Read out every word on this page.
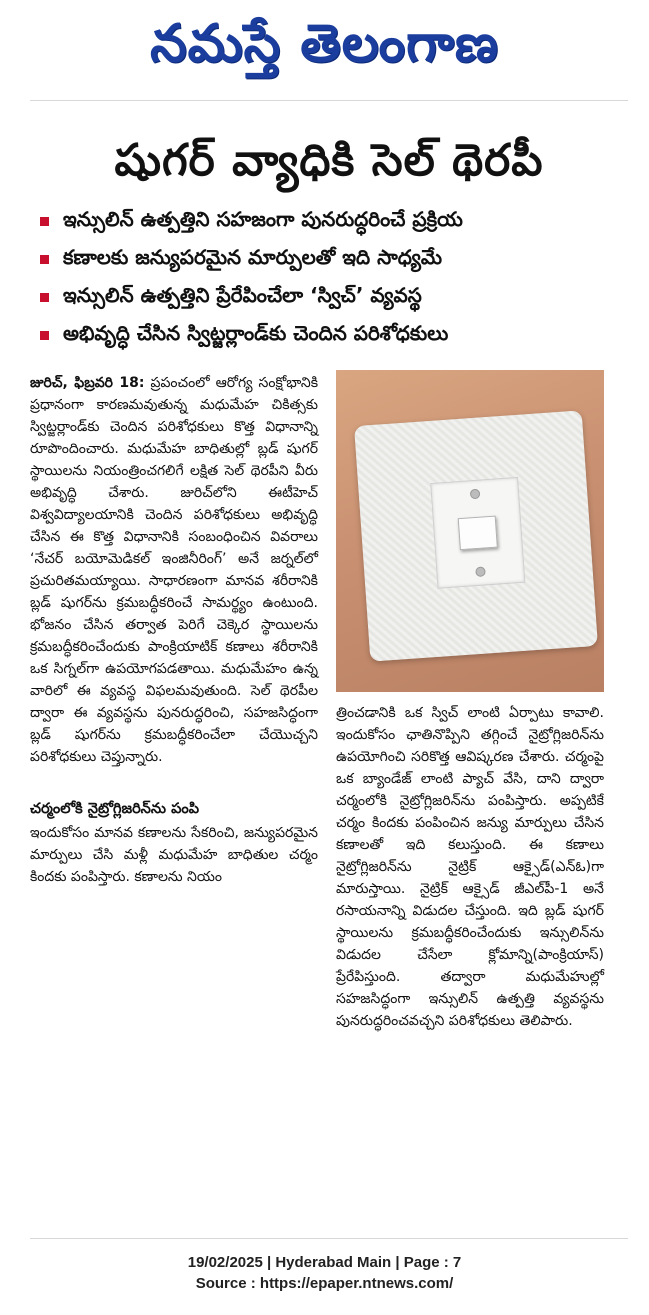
నమస్తే తెలంగాణ
షుగర్ వ్యాధికి సెల్ థెరపీ
ఇన్సులిన్ ఉత్పత్తిని సహజంగా పునరుద్ధరించే ప్రక్రియ
కణాలకు జన్యుపరమైన మార్పులతో ఇది సాధ్యమే
ఇన్సులిన్ ఉత్పత్తిని ప్రేరేపించేలా ‘స్విచ్’ వ్యవస్థ
అభివృద్ధి చేసిన స్విట్జర్లాండ్‌కు చెందిన పరిశోధకులు

జురిచ్, ఫిబ్రవరి 18: ప్రపంచంలో ఆరోగ్య సంక్షోభానికి ప్రధానంగా కారణమవుతున్న మధుమేహ చికిత్సకు స్విట్జర్లాండ్‌కు చెందిన పరిశోధకులు కొత్త విధానాన్ని రూపొందించారు. మధుమేహ బాధితుల్లో బ్లడ్ షుగర్ స్థాయిలను నియంత్రించగలిగే లక్షిత సెల్ థెరపీని వీరు అభివృద్ధి చేశారు. జురిచ్‌లోని ఈటీహెచ్ విశ్వవిద్యాలయానికి చెందిన పరిశోధకులు అభివృద్ధి చేసిన ఈ కొత్త విధానానికి సంబంధించిన వివరాలు ‘నేచర్ బయోమెడికల్ ఇంజినీరింగ్’ అనే జర్నల్‌లో ప్రచురితమయ్యాయి. సాధారణంగా మానవ శరీరానికి బ్లడ్ షుగర్‌ను క్రమబద్ధీకరించే సామర్థ్యం ఉంటుంది. భోజనం చేసిన తర్వాత పెరిగే చెక్కెర స్థాయిలను క్రమబద్ధీకరించేందుకు పాంక్రియాటిక్ కణాలు శరీరానికి ఒక సిగ్నల్‌గా ఉపయోగపడతాయి. మధుమేహం ఉన్న వారిలో ఈ వ్యవస్థ విఫలమవుతుంది. సెల్ థెరపీల ద్వారా ఈ వ్యవస్థను పునరుద్ధరించి, సహజసిద్ధంగా బ్లడ్ షుగర్‌ను క్రమబద్ధీకరించేలా చేయొచ్చని పరిశోధకులు చెప్తున్నారు.

చర్మంలోకి నైట్రోగ్లిజరిన్‌ను పంపి

ఇందుకోసం మానవ కణాలను సేకరించి, జన్యుపరమైన మార్పులు చేసి మళ్లీ మధుమేహ బాధితుల చర్మం కిందకు పంపిస్తారు. కణాలను నియం

త్రించడానికి ఒక స్విచ్ లాంటి ఏర్పాటు కావాలి. ఇందుకోసం ఛాతినొప్పిని తగ్గించే నైట్రోగ్లిజరిన్‌ను ఉపయోగించి సరికొత్త ఆవిష్కరణ చేశారు. చర్మంపై ఒక బ్యాండేజ్ లాంటి ప్యాచ్ వేసి, దాని ద్వారా చర్మంలోకి నైట్రోగ్లిజరిన్‌ను పంపిస్తారు. అప్పటికే చర్మం కిందకు పంపించిన జన్యు మార్పులు చేసిన కణాలతో ఇది కలుస్తుంది. ఈ కణాలు నైట్రోగ్లిజరిన్‌ను నైట్రిక్ ఆక్సైడ్(ఎన్ఓ)గా మారుస్తాయి. నైట్రిక్ ఆక్సైడ్ జీఎల్‌పీ-1 అనే రసాయనాన్ని విడుదల చేస్తుంది. ఇది బ్లడ్ షుగర్ స్థాయిలను క్రమబద్ధీకరించేందుకు ఇన్సులిన్‌ను విడుదల చేసేలా క్లోమాన్ని(పాంక్రియాస్) ప్రేరేపిస్తుంది. తద్వారా మధుమేహుల్లో సహజసిద్ధంగా ఇన్సులిన్ ఉత్పత్తి వ్యవస్థను పునరుద్ధరించవచ్చని పరిశోధకులు తెలిపారు.

19/02/2025 | Hyderabad Main | Page : 7
Source : https://epaper.ntnews.com/
